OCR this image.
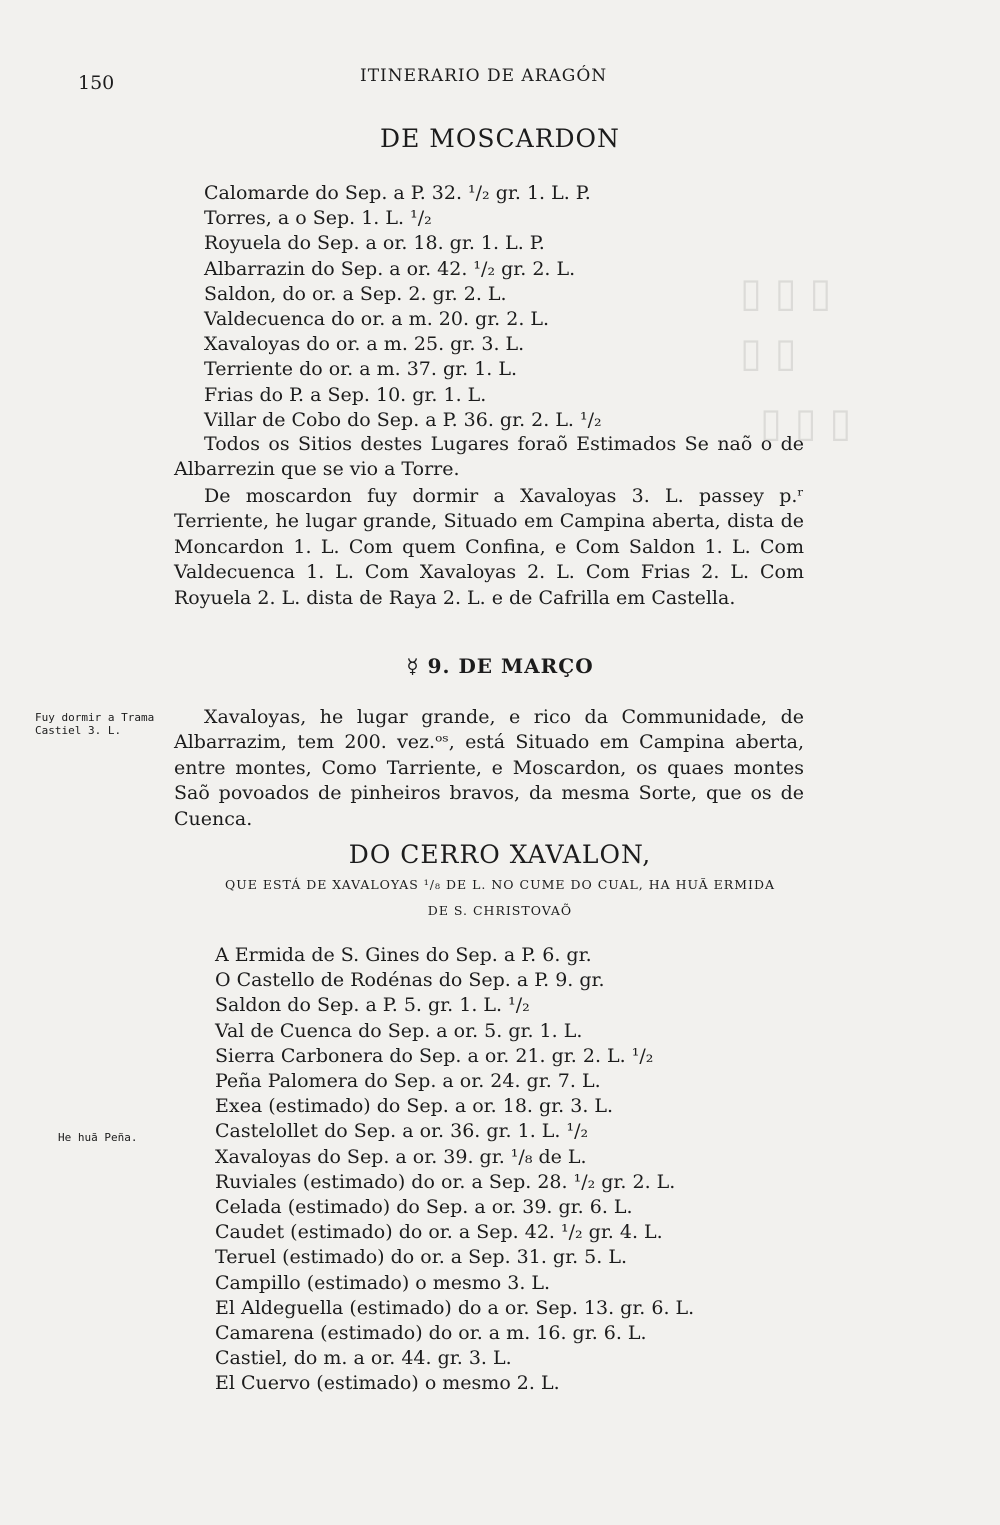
▯ ▯ ▯
▯ ▯
▯ ▯ ▯
150	ITINERARIO DE ARAGÓN
DE MOSCARDON
Calomarde do Sep. a P. 32. ¹/₂ gr. 1. L. P.
Torres, a o Sep. 1. L. ¹/₂
Royuela do Sep. a or. 18. gr. 1. L. P.
Albarrazin do Sep. a or. 42. ¹/₂ gr. 2. L.
Saldon, do or. a Sep. 2. gr. 2. L.
Valdecuenca do or. a m. 20. gr. 2. L.
Xavaloyas do or. a m. 25. gr. 3. L.
Terriente do or. a m. 37. gr. 1. L.
Frias do P. a Sep. 10. gr. 1. L.
Villar de Cobo do Sep. a P. 36. gr. 2. L. ¹/₂

Todos os Sitios destes Lugares foraõ Estimados Se naõ o de Albarrezin que se vio a Torre.

De moscardon fuy dormir a Xavaloyas 3. L. passey p.ʳ Terriente, he lugar grande, Situado em Campina aberta, dista de Moncardon 1. L. Com quem Confina, e Com Saldon 1. L. Com Valdecuenca 1. L. Com Xavaloyas 2. L. Com Frias 2. L. Com Royuela 2. L. dista de Raya 2. L. e de Cafrilla em Castella.

☿ 9. DE MARÇO
Fuy dormir a Trama Castiel 3. L.

Xavaloyas, he lugar grande, e rico da Communidade, de Albarrazim, tem 200. vez.ᵒˢ, está Situado em Campina aberta, entre montes, Como Tarriente, e Moscardon, os quaes montes Saõ povoados de pinheiros bravos, da mesma Sorte, que os de Cuenca.

DO CERRO XAVALON,
QUE ESTÁ DE XAVALOYAS ¹/₈ DE L. NO CUME DO CUAL, HA HUÃ ERMIDA
DE S. CHRISTOVAÕ
He huã Peña.
A Ermida de S. Gines do Sep. a P. 6. gr.
O Castello de Rodénas do Sep. a P. 9. gr.
Saldon do Sep. a P. 5. gr. 1. L. ¹/₂
Val de Cuenca do Sep. a or. 5. gr. 1. L.
Sierra Carbonera do Sep. a or. 21. gr. 2. L. ¹/₂
Peña Palomera do Sep. a or. 24. gr. 7. L.
Exea (estimado) do Sep. a or. 18. gr. 3. L.
Castelollet do Sep. a or. 36. gr. 1. L. ¹/₂
Xavaloyas do Sep. a or. 39. gr. ¹/₈ de L.
Ruviales (estimado) do or. a Sep. 28. ¹/₂ gr. 2. L.
Celada (estimado) do Sep. a or. 39. gr. 6. L.
Caudet (estimado) do or. a Sep. 42. ¹/₂ gr. 4. L.
Teruel (estimado) do or. a Sep. 31. gr. 5. L.
Campillo (estimado) o mesmo 3. L.
El Aldeguella (estimado) do a or. Sep. 13. gr. 6. L.
Camarena (estimado) do or. a m. 16. gr. 6. L.
Castiel, do m. a or. 44. gr. 3. L.
El Cuervo (estimado) o mesmo 2. L.
